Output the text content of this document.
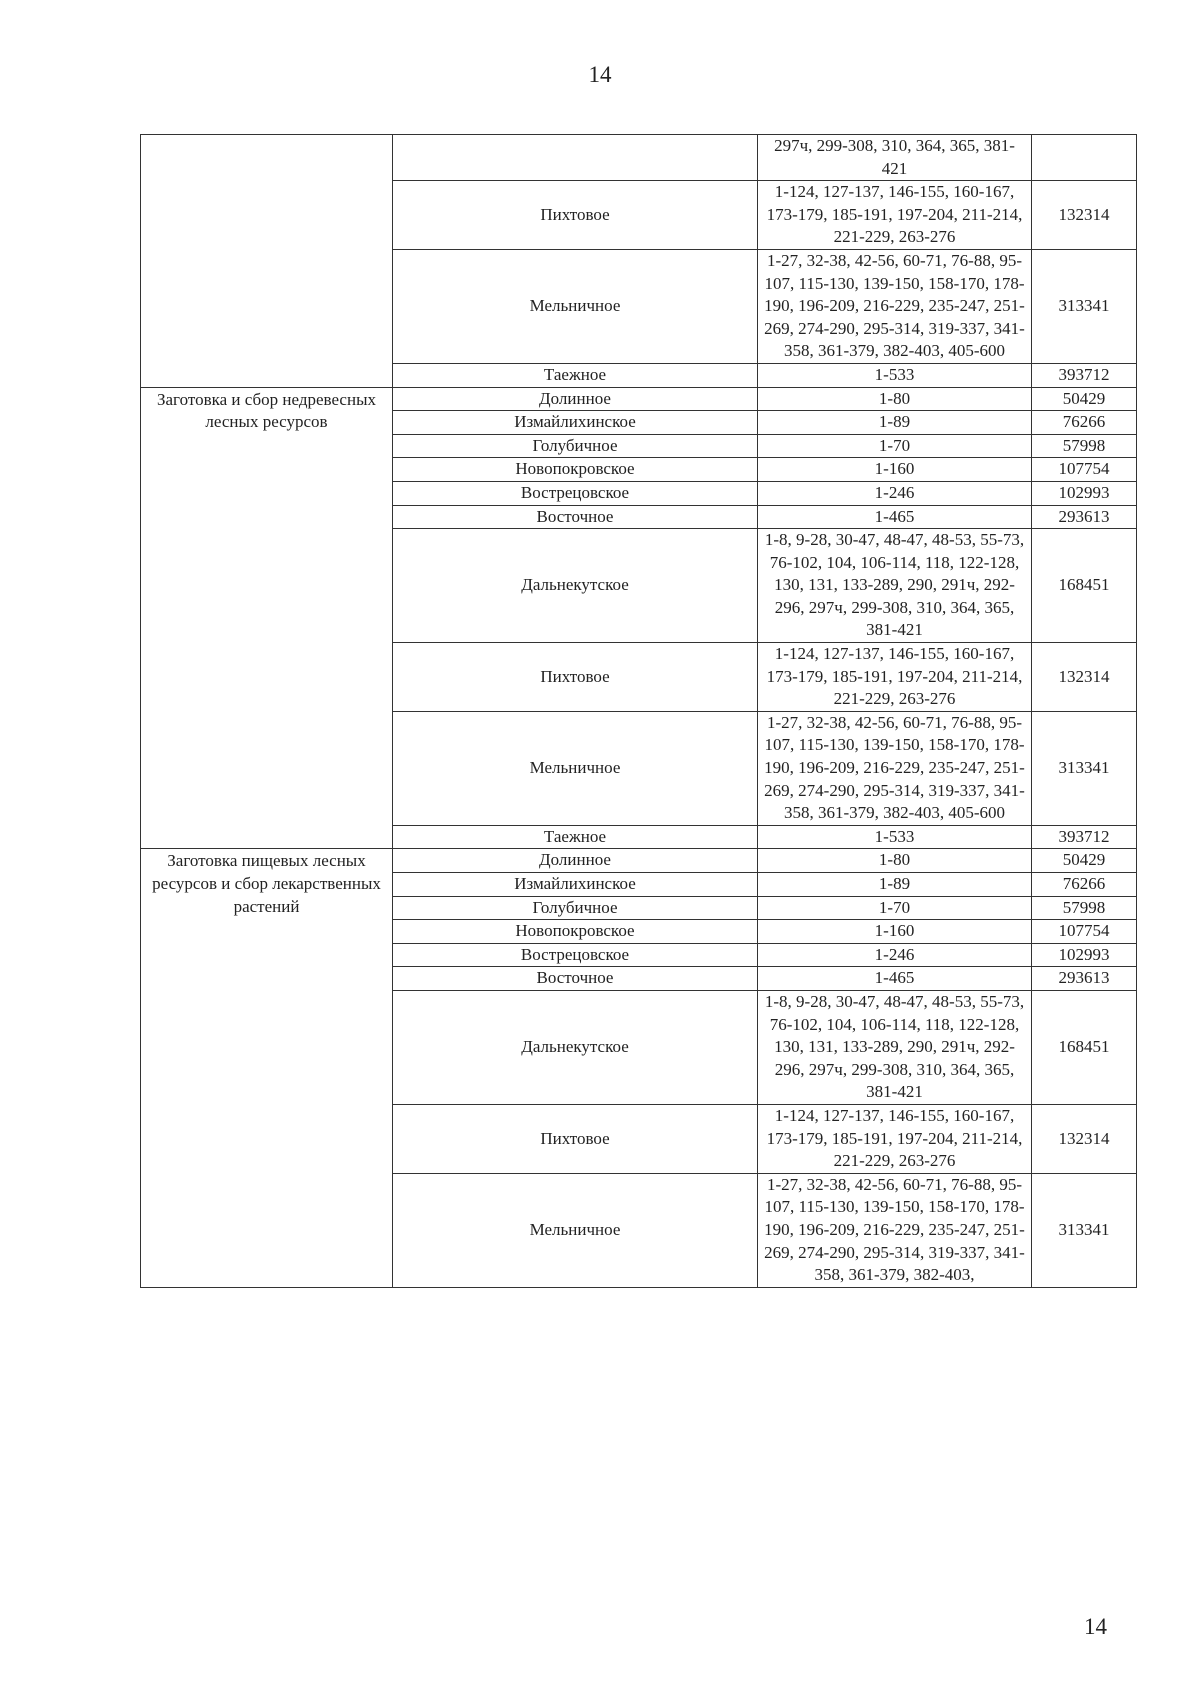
14
		297ч, 299-308, 310, 364, 365, 381-421	
	Пихтовое	1-124, 127-137, 146-155, 160-167, 173-179, 185-191, 197-204, 211-214, 221-229, 263-276	132314
	Мельничное	1-27, 32-38, 42-56, 60-71, 76-88, 95-107, 115-130, 139-150, 158-170, 178-190, 196-209, 216-229, 235-247, 251-269, 274-290, 295-314, 319-337, 341-358, 361-379, 382-403, 405-600	313341
	Таежное	1-533	393712
Заготовка и сбор недревесных лесных ресурсов	Долинное	1-80	50429
	Измайлихинское	1-89	76266
	Голубичное	1-70	57998
	Новопокровское	1-160	107754
	Вострецовское	1-246	102993
	Восточное	1-465	293613
	Дальнекутское	1-8, 9-28, 30-47, 48-47, 48-53, 55-73, 76-102, 104, 106-114, 118, 122-128, 130, 131, 133-289, 290, 291ч, 292-296, 297ч, 299-308, 310, 364, 365, 381-421	168451
	Пихтовое	1-124, 127-137, 146-155, 160-167, 173-179, 185-191, 197-204, 211-214, 221-229, 263-276	132314
	Мельничное	1-27, 32-38, 42-56, 60-71, 76-88, 95-107, 115-130, 139-150, 158-170, 178-190, 196-209, 216-229, 235-247, 251-269, 274-290, 295-314, 319-337, 341-358, 361-379, 382-403, 405-600	313341
	Таежное	1-533	393712
Заготовка пищевых лесных ресурсов и сбор лекарственных растений	Долинное	1-80	50429
	Измайлихинское	1-89	76266
	Голубичное	1-70	57998
	Новопокровское	1-160	107754
	Вострецовское	1-246	102993
	Восточное	1-465	293613
	Дальнекутское	1-8, 9-28, 30-47, 48-47, 48-53, 55-73, 76-102, 104, 106-114, 118, 122-128, 130, 131, 133-289, 290, 291ч, 292-296, 297ч, 299-308, 310, 364, 365, 381-421	168451
	Пихтовое	1-124, 127-137, 146-155, 160-167, 173-179, 185-191, 197-204, 211-214, 221-229, 263-276	132314
	Мельничное	1-27, 32-38, 42-56, 60-71, 76-88, 95-107, 115-130, 139-150, 158-170, 178-190, 196-209, 216-229, 235-247, 251-269, 274-290, 295-314, 319-337, 341-358, 361-379, 382-403,	313341
14
